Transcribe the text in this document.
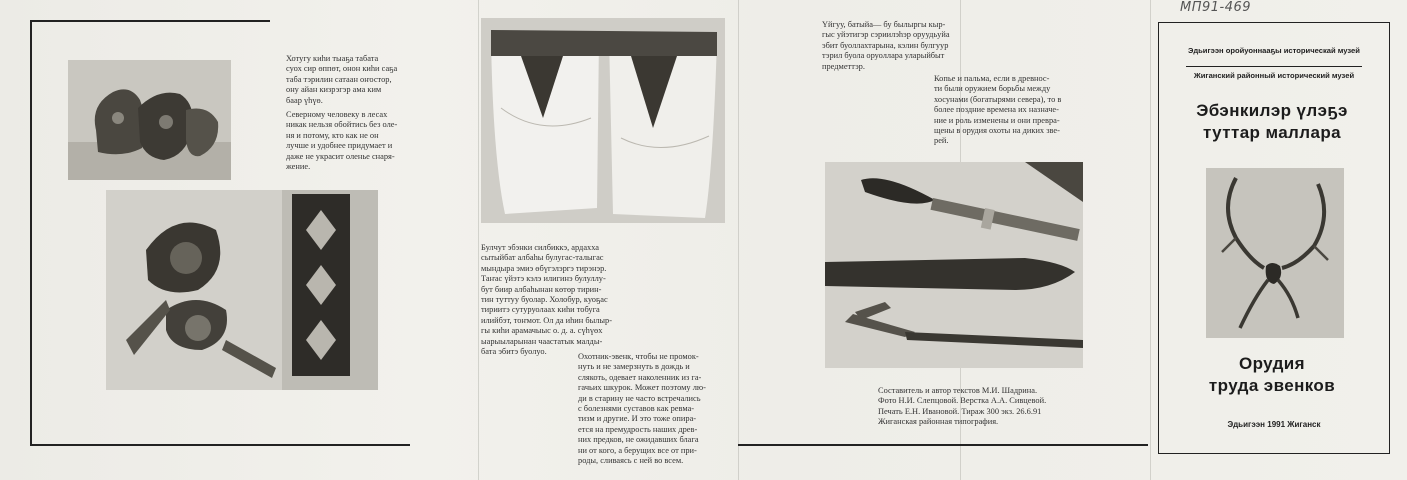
МП91-469
Хотугу киһи тыаҕа табата
суох сир өппөт, онон киһи саҕа
таба тэрилин сатаан оҥостор,
ону айан кизрэгэр ама ким
баар үһүө.
Северному человеку в лесах
никак нельзя обойтись без оле-
ня и потому, кто как не он
лучше и удобнее придумает и
даже не украсит оленье снаря-
жение.
Булчут эбэнки силбиккэ, ардахха
сытыйбат албаһы булугас-талыгас
мындыра эмиэ өбүгэлэргэ тирэнэр.
Таҥас үйэтэ кэлэ илигинэ булуллу-
бут биир албаһынан көтөр тирин-
тин туттуу буолар. Холобур, куоҕас
тириитэ сутуруолаах киһи тобуга
илийбэт, тоҥмот. Ол да иһин былыр-
гы киһи арамачыыс о. д. а. сүһүөх
ыарыыларынан чаастатык малды-
бата эбитэ буолуо.
Охотник-эвенк, чтобы не промок-
нуть и не замерзнуть в дождь и
слякоть, одевает наколенник из га-
гачьих шкурок. Может поэтому лю-
ди в старину не часто встречались
с болезнями суставов как ревма-
тизм и другие. И это тоже опира-
ется на премудрость наших древ-
них предков, не ожидавших блага
ни от кого, а берущих все от при-
роды, сливаясь с ней во всем.
Үйгуу, батыйа— бу былыргы кыр-
гыс уйэтигэр сэриилэһэр оруудьуйа
эбит буоллахтарына, кэлин булгуур
тэрил буола оруоллара уларыйбыт
предметтэр.
Копье и пальма, если в древнос-
ти были оружием борьбы между
хосунами (богатырями севера), то в
более поздние времена их назначе-
ние и роль изменены и они превра-
щены в орудия охоты на диких зве-
рей.
Составитель и автор текстов М.И. Шадрина.
Фото Н.И. Слепцовой. Верстка А.А. Сивцевой.
Печать Е.Н. Ивановой. Тираж 300 экз. 26.6.91
Жиганская районная типография.
Эдьигээн оройуоннааҕы историческай музей
Жиганский районный исторический музей
Эбэнкилэр үлэҕэ
туттар маллара
Орудия
труда эвенков
Эдьигээн 1991 Жиганск
